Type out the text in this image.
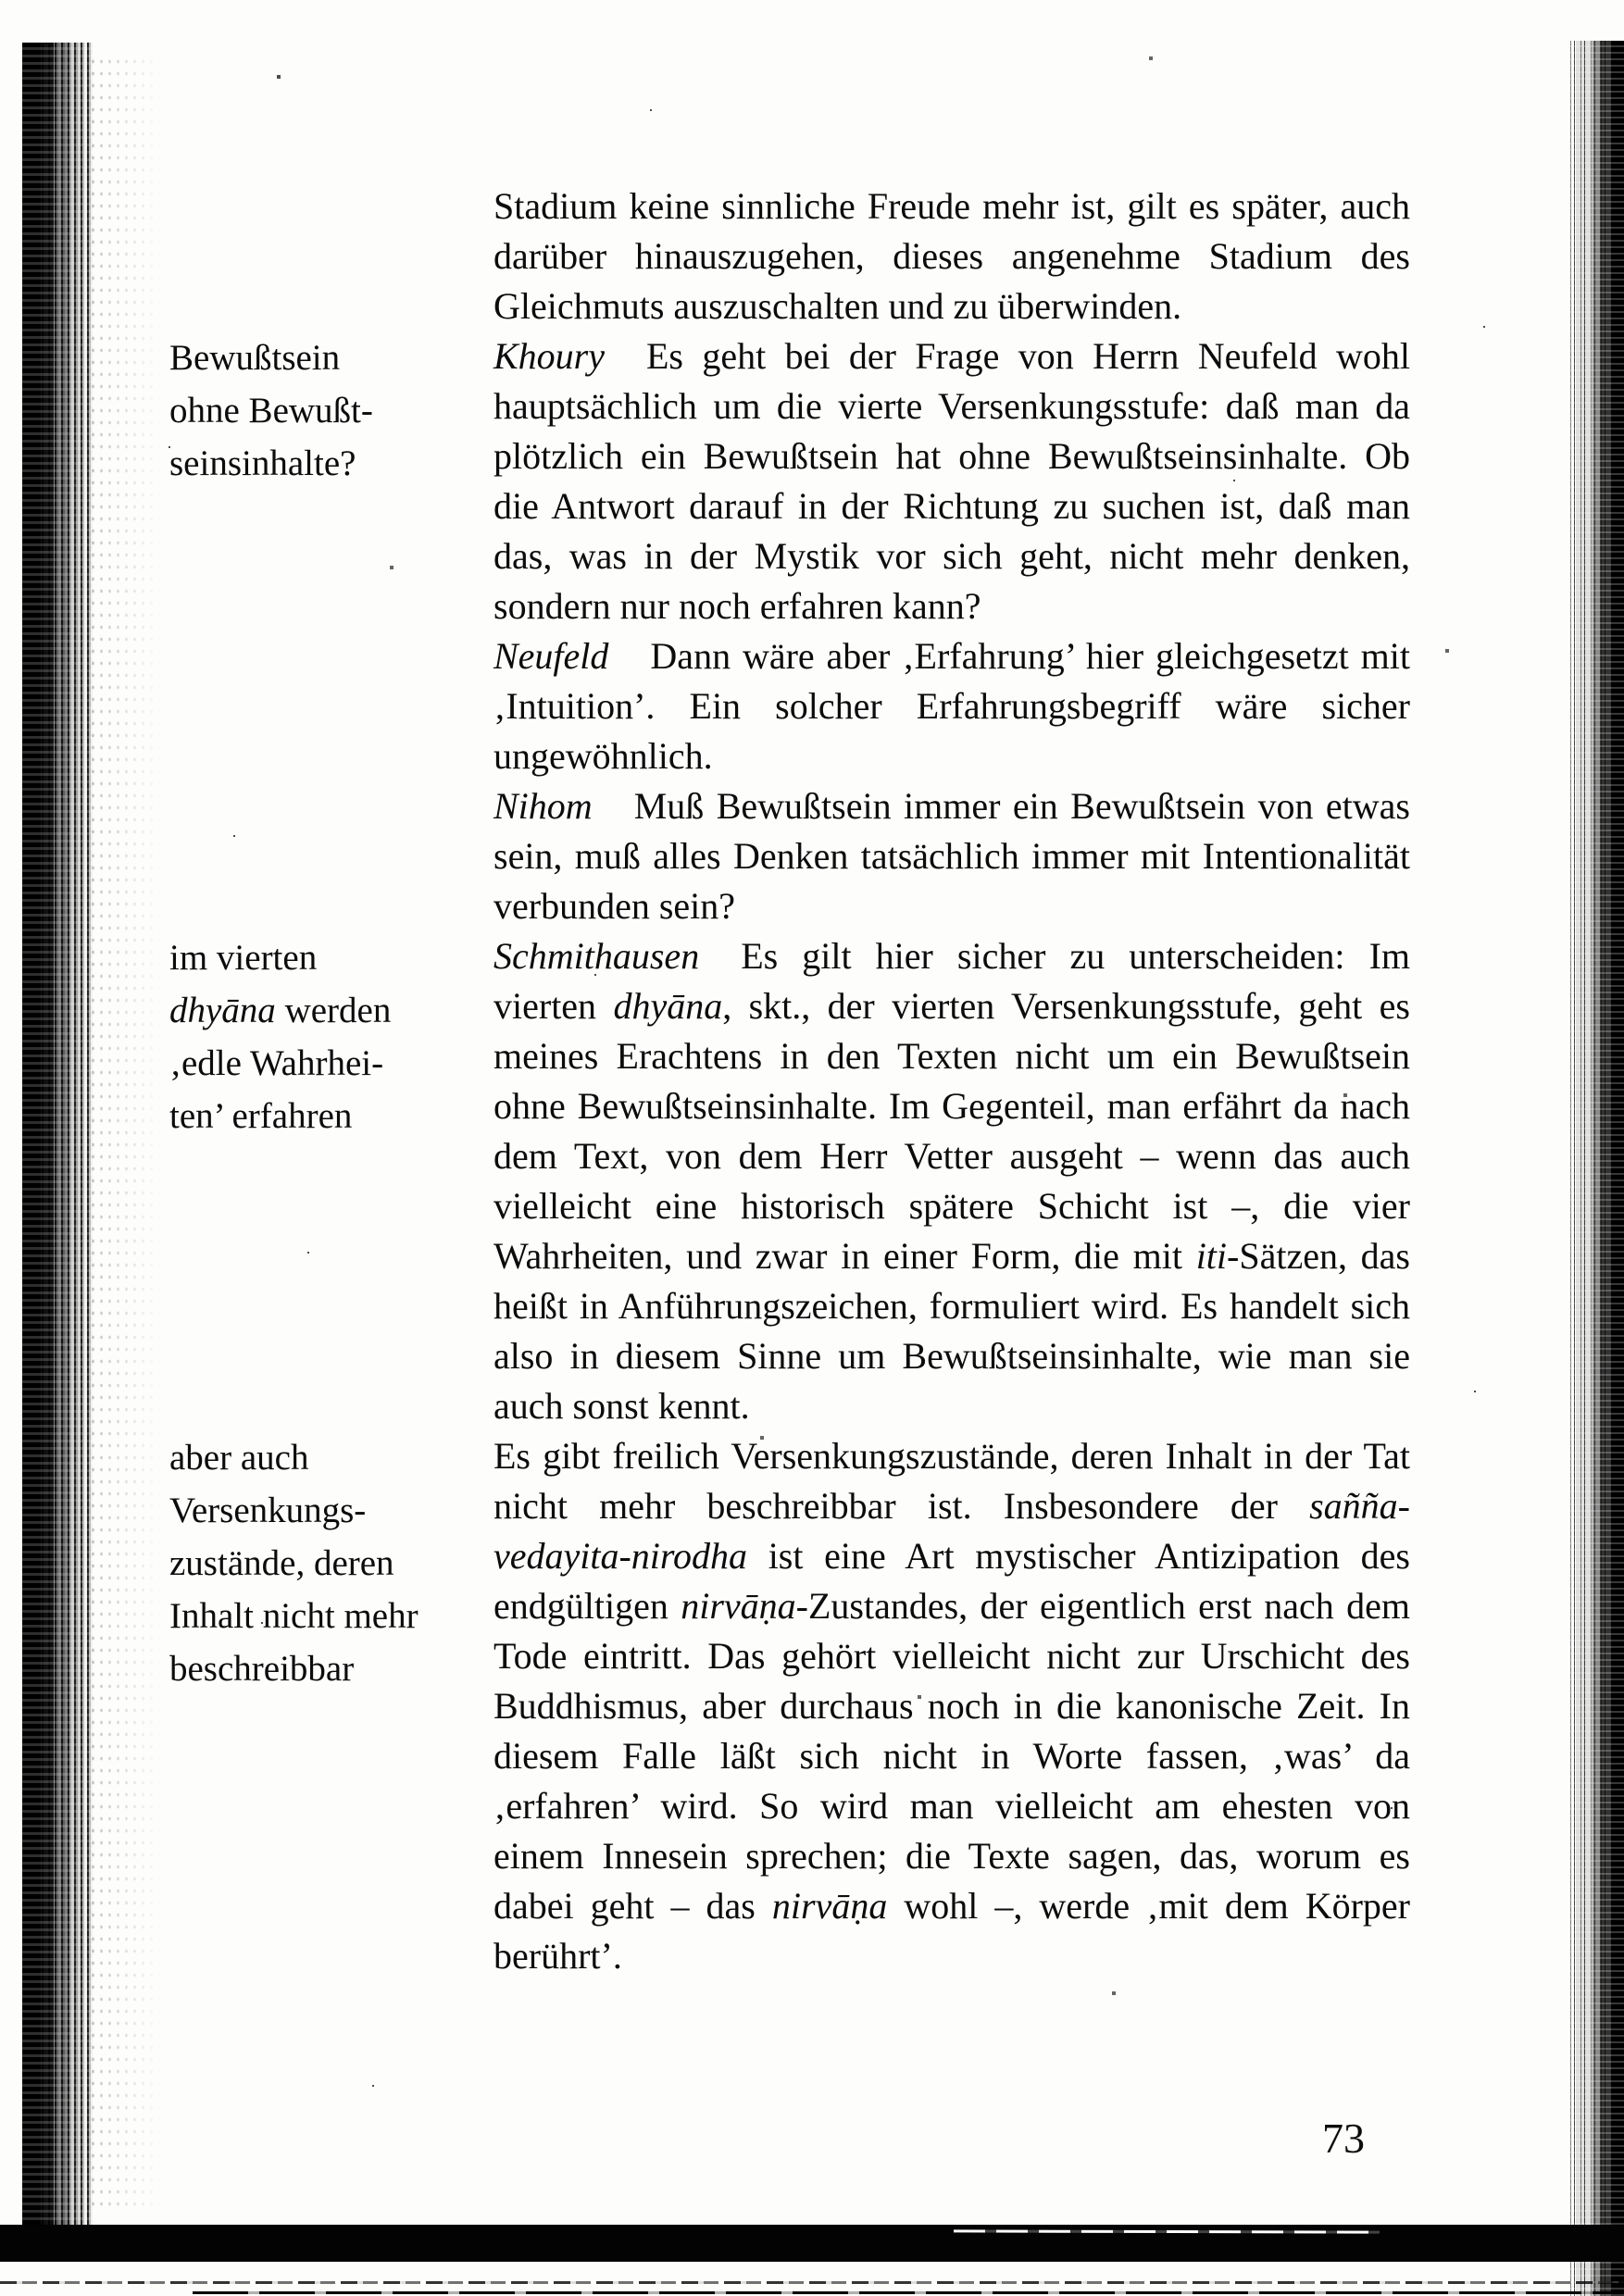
Stadium keine sinnliche Freude mehr ist, gilt es später, auch darüber hinauszugehen, dieses angenehme Stadium des Gleichmuts auszuschalten und zu überwinden.
Bewußtsein
ohne Bewußt-
seinsinhalte?
Khoury Es geht bei der Frage von Herrn Neufeld wohl hauptsächlich um die vierte Versenkungsstufe: daß man da plötzlich ein Bewußtsein hat ohne Bewußtseinsinhalte. Ob die Antwort darauf in der Richtung zu suchen ist, daß man das, was in der Mystik vor sich geht, nicht mehr denken, sondern nur noch erfahren kann?
Neufeld Dann wäre aber ‚Erfahrung’ hier gleichgesetzt mit ‚Intuition’. Ein solcher Erfahrungsbegriff wäre sicher ungewöhnlich.
Nihom Muß Bewußtsein immer ein Bewußtsein von etwas sein, muß alles Denken tatsächlich immer mit Intentionalität verbunden sein?
im vierten
dhyāna werden
‚edle Wahrhei-
ten’ erfahren
Schmithausen Es gilt hier sicher zu unterscheiden: Im vierten dhyāna, skt., der vierten Versenkungsstufe, geht es meines Erachtens in den Texten nicht um ein Bewußtsein ohne Bewußtseinsinhalte. Im Gegenteil, man erfährt da nach dem Text, von dem Herr Vetter ausgeht – wenn das auch vielleicht eine historisch spätere Schicht ist –, die vier Wahrheiten, und zwar in einer Form, die mit iti-Sätzen, das heißt in Anführungszeichen, formuliert wird. Es handelt sich also in diesem Sinne um Bewußtseinsinhalte, wie man sie auch sonst kennt.
aber auch
Versenkungs-
zustände, deren
Inhalt nicht mehr
beschreibbar
Es gibt freilich Versenkungszustände, deren Inhalt in der Tat nicht mehr beschreibbar ist. Insbesondere der sañña-vedayita-nirodha ist eine Art mystischer Antizipation des endgültigen nirvāṇa-Zustandes, der eigentlich erst nach dem Tode eintritt. Das gehört vielleicht nicht zur Urschicht des Buddhismus, aber durchaus noch in die kanonische Zeit. In diesem Falle läßt sich nicht in Worte fassen, ‚was’ da ‚erfahren’ wird. So wird man vielleicht am ehesten von einem Innesein sprechen; die Texte sagen, das, worum es dabei geht – das nirvāṇa wohl –, werde ‚mit dem Körper berührt’.
73
